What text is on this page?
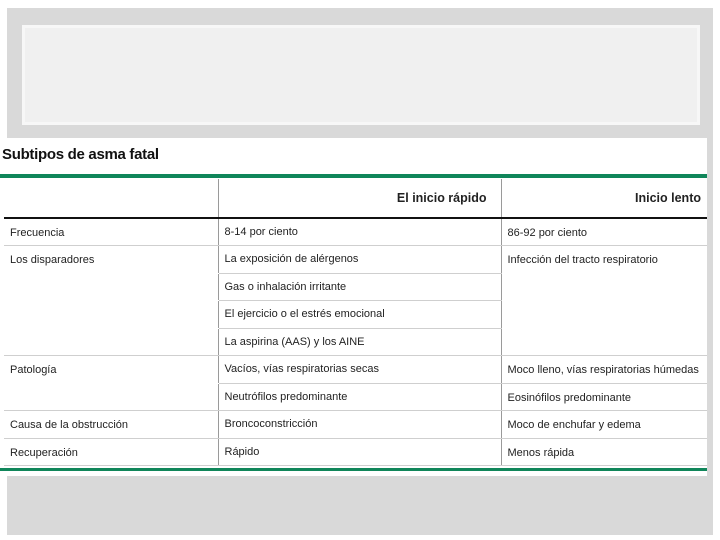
Subtipos de asma fatal
	El inicio rápido	Inicio lento
Frecuencia	8-14 por ciento	86-92 por ciento
Los disparadores	La exposición de alérgenos	Infección del tracto respiratorio
	Gas o inhalación irritante	
	El ejercicio o el estrés emocional	
	La aspirina (AAS) y los AINE	
Patología	Vacíos, vías respiratorias secas	Moco lleno, vías respiratorias húmedas
	Neutrófilos predominante	Eosinófilos predominante
Causa de la obstrucción	Broncoconstricción	Moco de enchufar y edema
Recuperación	Rápido	Menos rápida
